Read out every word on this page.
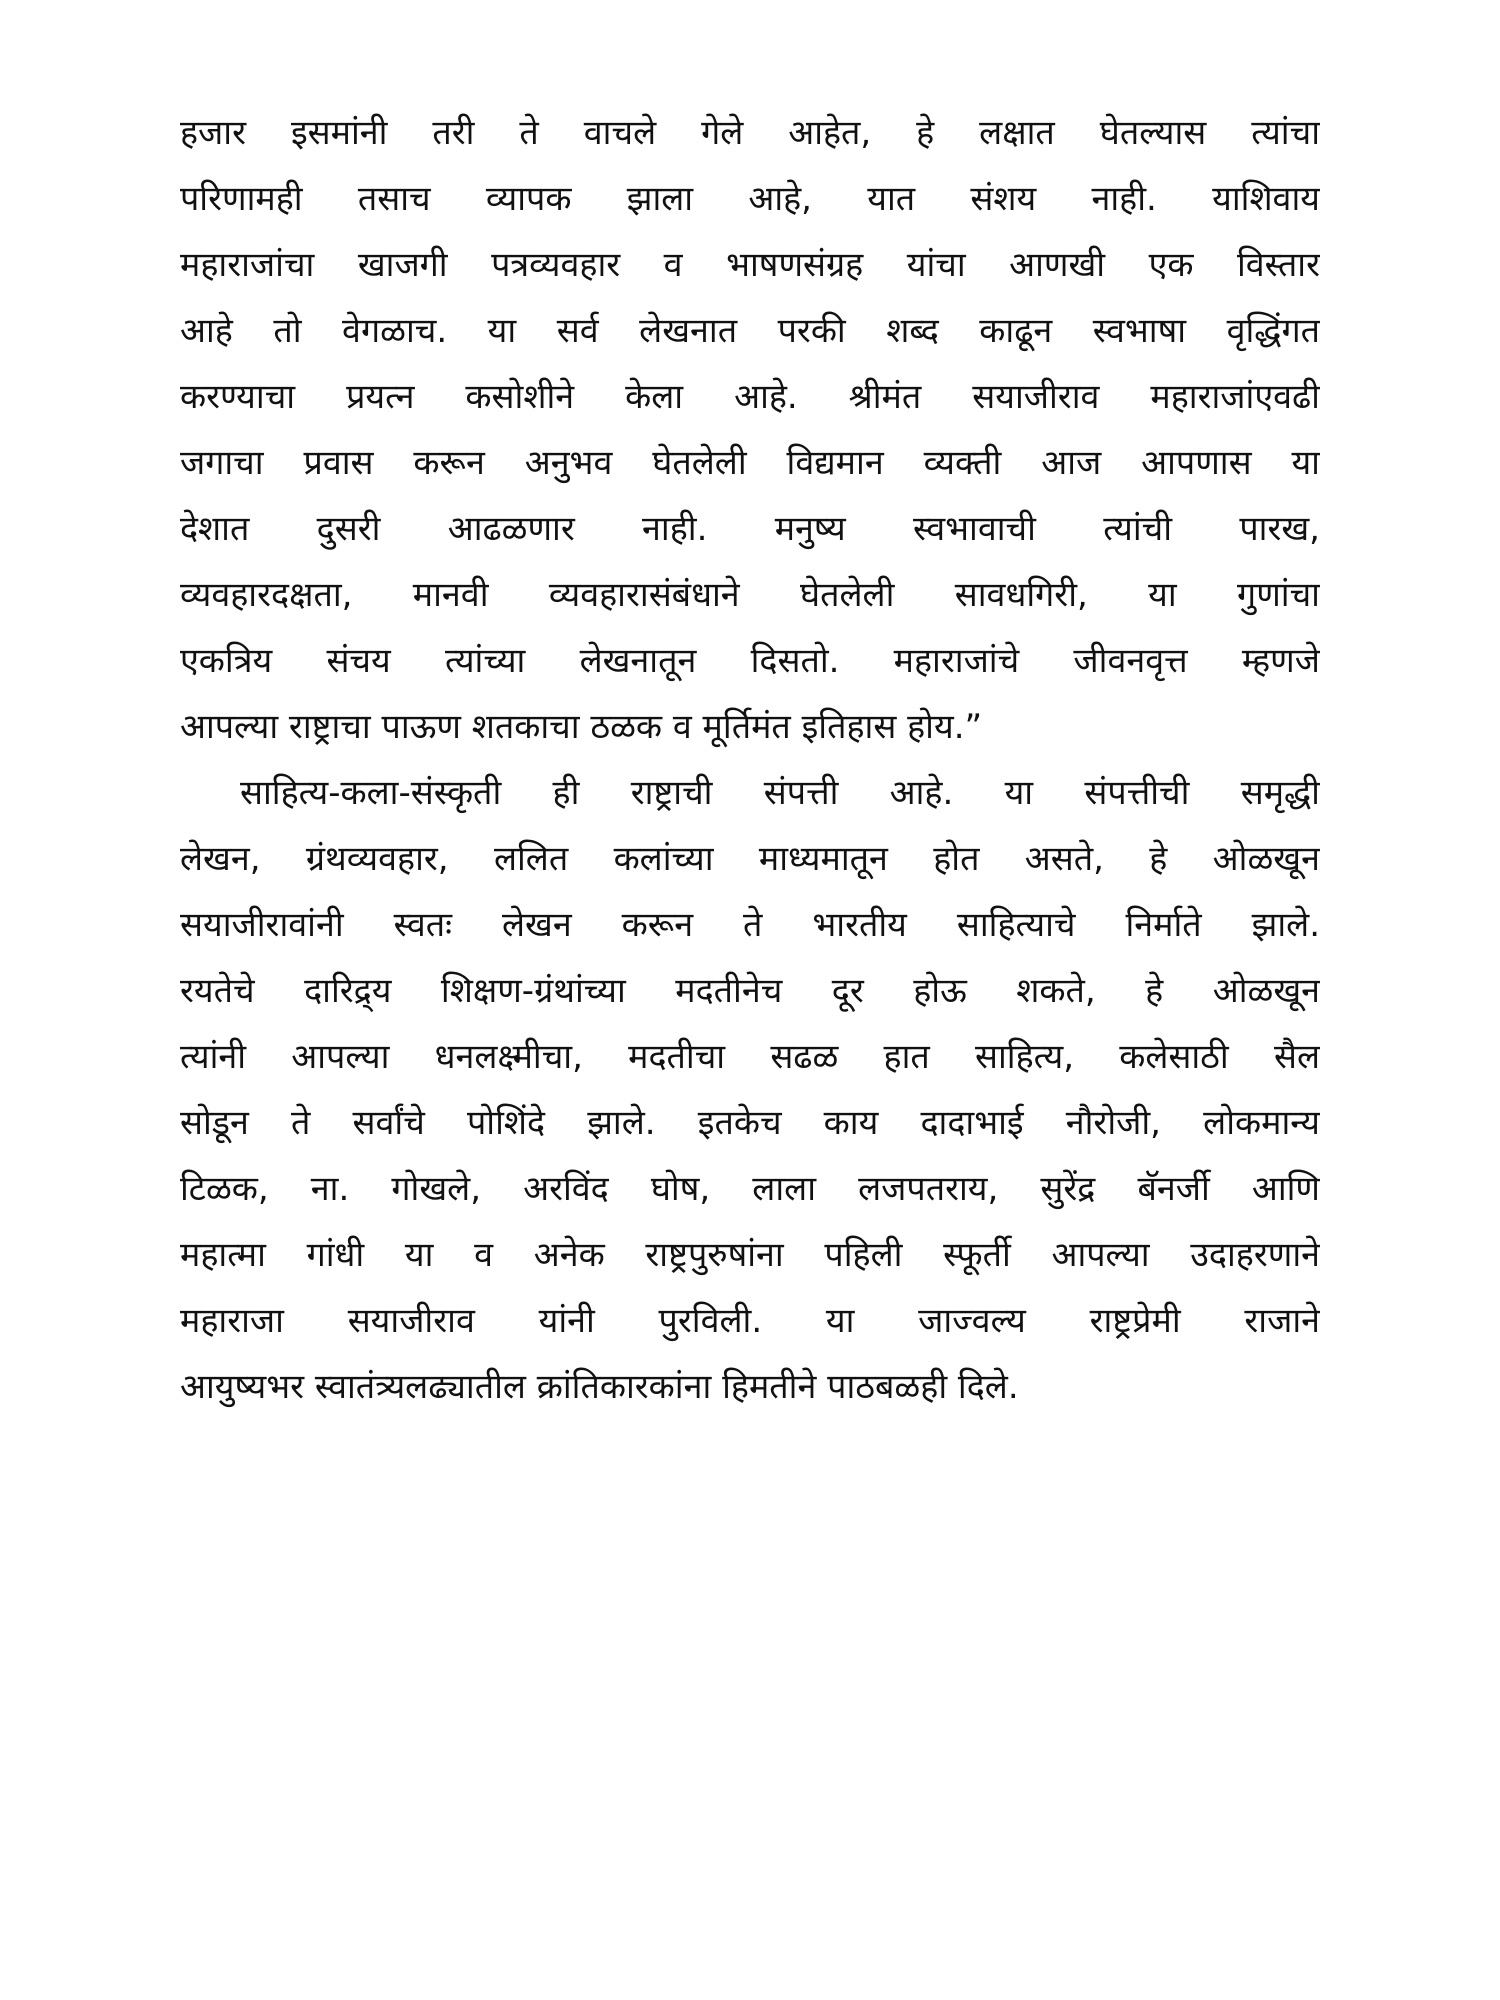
हजार इसमांनी तरी ते वाचले गेले आहेत, हे लक्षात घेतल्यास त्यांचा
परिणामही तसाच व्यापक झाला आहे, यात संशय नाही. याशिवाय
महाराजांचा खाजगी पत्रव्यवहार व भाषणसंग्रह यांचा आणखी एक विस्तार
आहे तो वेगळाच. या सर्व लेखनात परकी शब्द काढून स्वभाषा वृद्धिंगत
करण्याचा प्रयत्न कसोशीने केला आहे. श्रीमंत सयाजीराव महाराजांएवढी
जगाचा प्रवास करून अनुभव घेतलेली विद्यमान व्यक्ती आज आपणास या
देशात दुसरी आढळणार नाही. मनुष्य स्वभावाची त्यांची पारख,
व्यवहारदक्षता, मानवी व्यवहारासंबंधाने घेतलेली सावधगिरी, या गुणांचा
एकत्रिय संचय त्यांच्या लेखनातून दिसतो. महाराजांचे जीवनवृत्त म्हणजे
आपल्या राष्ट्राचा पाऊण शतकाचा ठळक व मूर्तिमंत इतिहास होय.”
साहित्य-कला-संस्कृती ही राष्ट्राची संपत्ती आहे. या संपत्तीची समृद्धी
लेखन, ग्रंथव्यवहार, ललित कलांच्या माध्यमातून होत असते, हे ओळखून
सयाजीरावांनी स्वतः लेखन करून ते भारतीय साहित्याचे निर्माते झाले.
रयतेचे दारिद्र्य शिक्षण-ग्रंथांच्या मदतीनेच दूर होऊ शकते, हे ओळखून
त्यांनी आपल्या धनलक्ष्मीचा, मदतीचा सढळ हात साहित्य, कलेसाठी सैल
सोडून ते सर्वांचे पोशिंदे झाले. इतकेच काय दादाभाई नौरोजी, लोकमान्य
टिळक, ना. गोखले, अरविंद घोष, लाला लजपतराय, सुरेंद्र बॅनर्जी आणि
महात्मा गांधी या व अनेक राष्ट्रपुरुषांना पहिली स्फूर्ती आपल्या उदाहरणाने
महाराजा सयाजीराव यांनी पुरविली. या जाज्वल्य राष्ट्रप्रेमी राजाने
आयुष्यभर स्वातंत्र्यलढ्यातील क्रांतिकारकांना हिमतीने पाठबळही दिले.
